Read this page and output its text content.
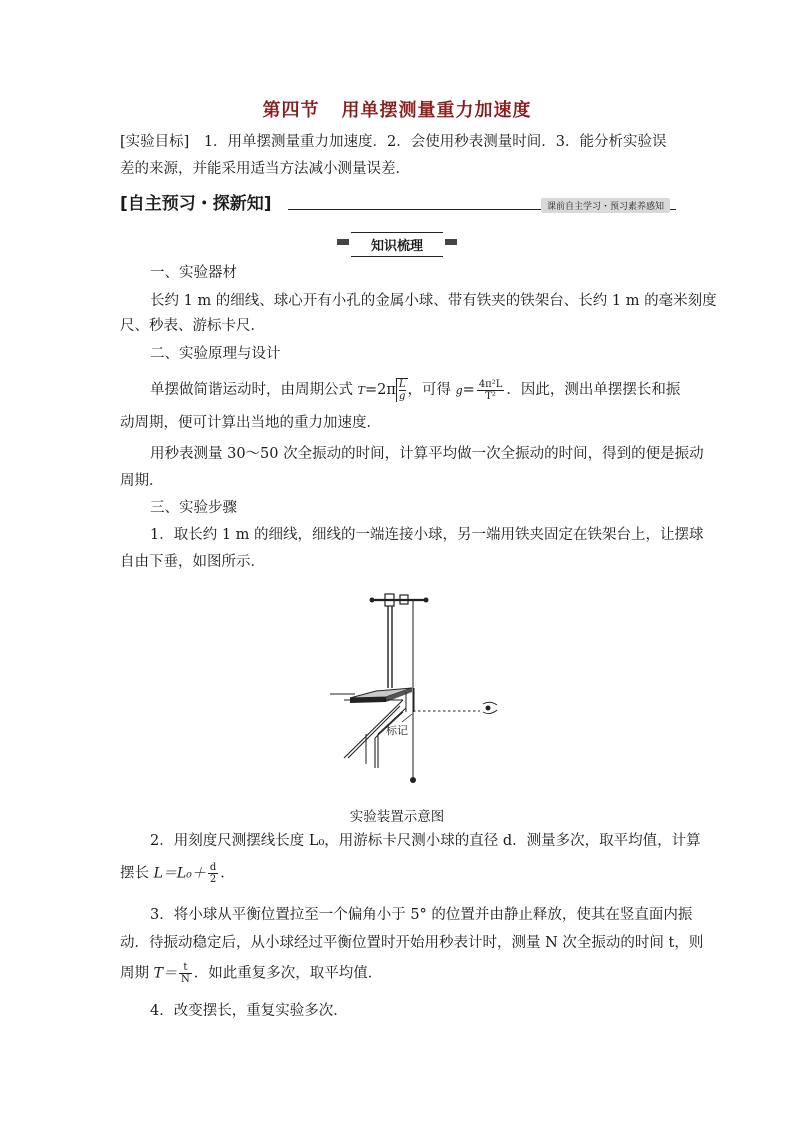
第四节 用单摆测量重力加速度
[实验目标]　1．用单摆测量重力加速度．2．会使用秒表测量时间．3．能分析实验误
差的来源，并能采用适当方法减小测量误差．
[自主预习・探新知]	课前自主学习・预习素养感知
知识梳理
一、实验器材
长约 1 m 的细线、球心开有小孔的金属小球、带有铁夹的铁架台、长约 1 m 的毫米刻度
尺、秒表、游标卡尺．
二、实验原理与设计
单摆做简谐运动时，由周期公式 $T=2\pi \frac{L}{g}$ ，可得 $g= \frac{\text{4π²L}}{\text{T²}}$ ．因此，测出单摆摆长和振
动周期，便可计算出当地的重力加速度．
用秒表测量 30～50 次全振动的时间，计算平均做一次全振动的时间，得到的便是振动
周期．
三、实验步骤
1．取长约 1 m 的细线，细线的一端连接小球，另一端用铁夹固定在铁架台上，让摆球
自由下垂，如图所示．
标记
实验装置示意图
2．用刻度尺测摆线长度 L₀，用游标卡尺测小球的直径 d．测量多次，取平均值，计算
摆长 $L=L_0+ \frac{d}{2}$ ．
3．将小球从平衡位置拉至一个偏角小于 5° 的位置并由静止释放，使其在竖直面内振
动．待振动稳定后，从小球经过平衡位置时开始用秒表计时，测量 N 次全振动的时间 t，则
周期 $T= \frac{t}{N}$ ．如此重复多次，取平均值．
4．改变摆长，重复实验多次．
